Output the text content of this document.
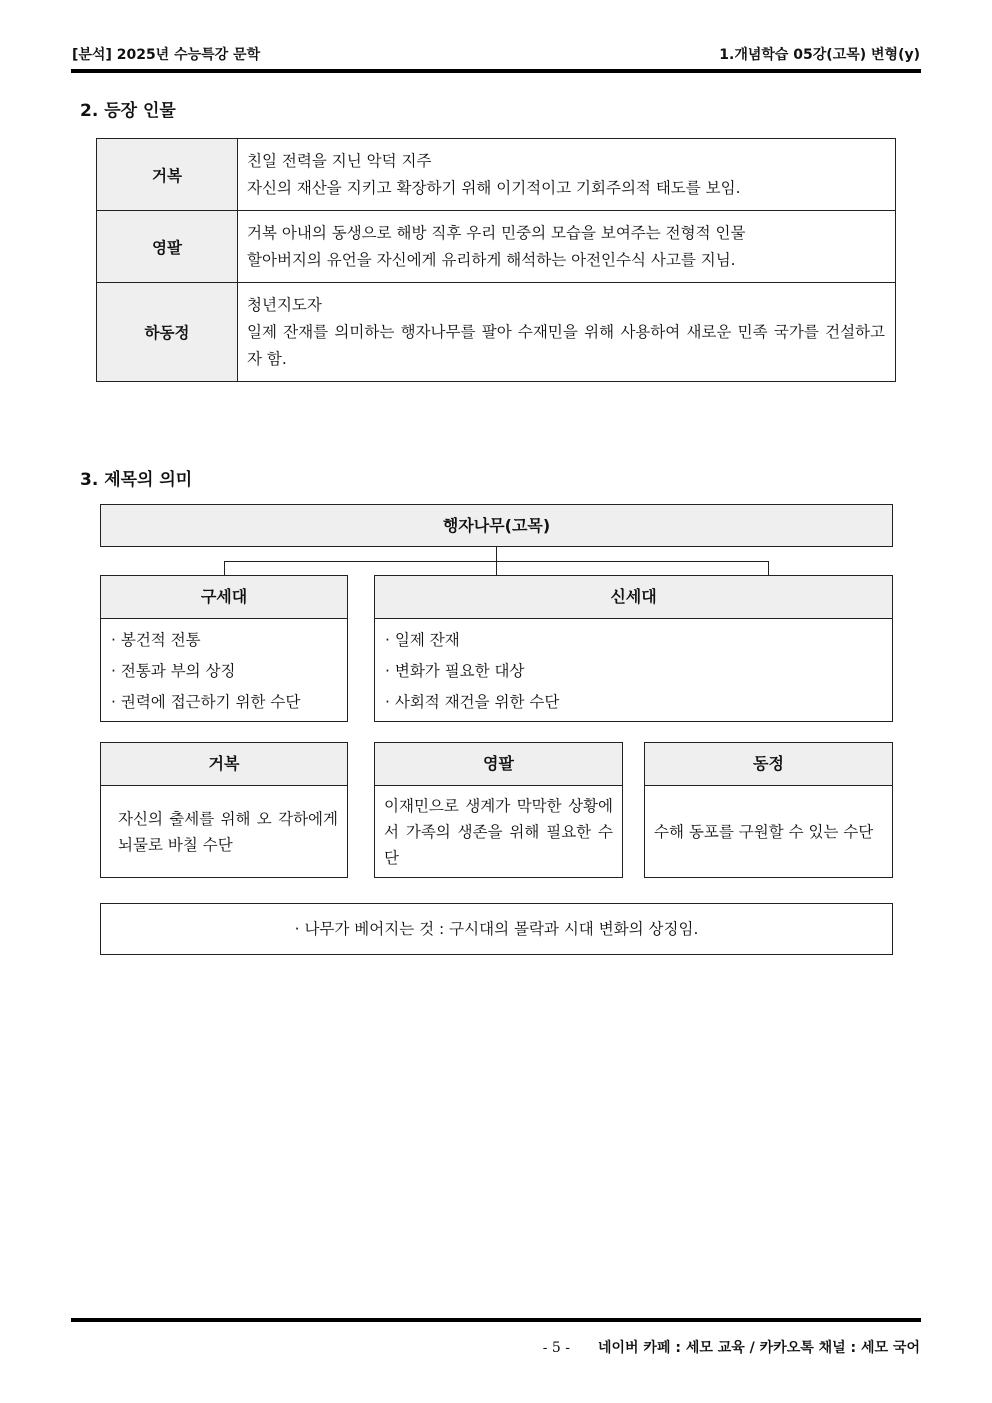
[분석] 2025년 수능특강 문학	1.개념학습 05강(고목) 변형(y)
2. 등장 인물
거복	친일 전력을 지닌 악덕 지주
자신의 재산을 지키고 확장하기 위해 이기적이고 기회주의적 태도를 보임.

영팔	거복 아내의 동생으로 해방 직후 우리 민중의 모습을 보여주는 전형적 인물
할아버지의 유언을 자신에게 유리하게 해석하는 아전인수식 사고를 지님.

하동정	청년지도자
일제 잔재를 의미하는 행자나무를 팔아 수재민을 위해 사용하여 새로운 민족 국가를 건설하고자 함.
3. 제목의 의미
행자나무(고목)
구세대
· 봉건적 전통
· 전통과 부의 상징
· 권력에 접근하기 위한 수단
신세대
· 일제 잔재
· 변화가 필요한 대상
· 사회적 재건을 위한 수단
거복
자신의 출세를 위해 오 각하에게 뇌물로 바칠 수단
영팔
이재민으로 생계가 막막한 상황에서 가족의 생존을 위해 필요한 수단
동정
수해 동포를 구원할 수 있는 수단
· 나무가 베어지는 것 : 구시대의 몰락과 시대 변화의 상징임.
- 5 - 네이버 카페 : 세모 교육 / 카카오톡 채널 : 세모 국어
